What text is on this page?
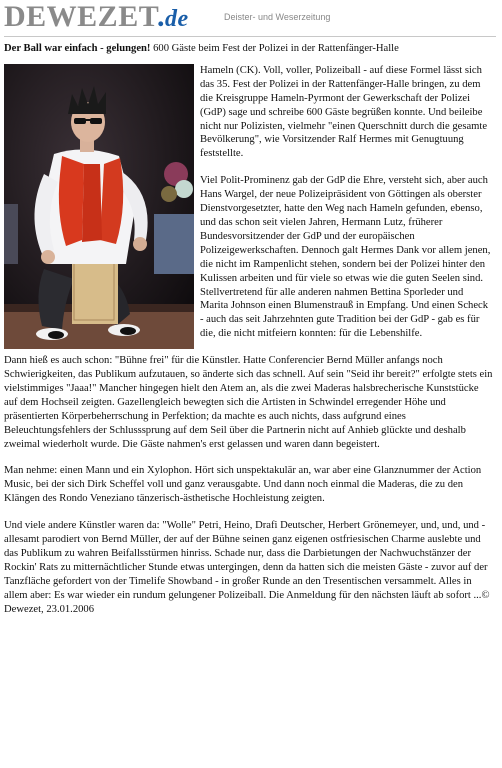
DEWEZET.de	Deister- und Weserzeitung
Der Ball war einfach - gelungen! 600 Gäste beim Fest der Polizei in der Rattenfänger-Halle

Hameln (CK). Voll, voller, Polizeiball - auf diese Formel lässt sich das 35. Fest der Polizei in der Rattenfänger-Halle bringen, zu dem die Kreisgruppe Hameln-Pyrmont der Gewerkschaft der Polizei (GdP) sage und schreibe 600 Gäste begrüßen konnte. Und beileibe nicht nur Polizisten, vielmehr "einen Querschnitt durch die gesamte Bevölkerung", wie Vorsitzender Ralf Hermes mit Genugtuung feststellte.

Viel Polit-Prominenz gab der GdP die Ehre, versteht sich, aber auch Hans Wargel, der neue Polizeipräsident von Göttingen als oberster Dienstvorgesetzter, hatte den Weg nach Hameln gefunden, ebenso, und das schon seit vielen Jahren, Hermann Lutz, früherer Bundesvorsitzender der GdP und der europäischen Polizeigewerkschaften. Dennoch galt Hermes Dank vor allem jenen, die nicht im Rampenlicht stehen, sondern bei der Polizei hinter den Kulissen arbeiten und für viele so etwas wie die guten Seelen sind. Stellvertretend für alle anderen nahmen Bettina Sporleder und Marita Johnson einen Blumenstrauß in Empfang. Und einen Scheck - auch das seit Jahrzehnten gute Tradition bei der GdP - gab es für die, die nicht mitfeiern konnten: für die Lebenshilfe.

Dann hieß es auch schon: "Bühne frei" für die Künstler. Hatte Conferencier Bernd Müller anfangs noch Schwierigkeiten, das Publikum aufzutauen, so änderte sich das schnell. Auf sein "Seid ihr bereit?" erfolgte stets ein vielstimmiges "Jaaa!" Mancher hingegen hielt den Atem an, als die zwei Maderas halsbrecherische Kunststücke auf dem Hochseil zeigten. Gazellengleich bewegten sich die Artisten in Schwindel erregender Höhe und präsentierten Körperbeherrschung in Perfektion; da machte es auch nichts, dass aufgrund eines Beleuchtungsfehlers der Schlusssprung auf dem Seil über die Partnerin nicht auf Anhieb glückte und deshalb zweimal wiederholt wurde. Die Gäste nahmen's erst gelassen und waren dann begeistert.

Man nehme: einen Mann und ein Xylophon. Hört sich unspektakulär an, war aber eine Glanznummer der Action Music, bei der sich Dirk Scheffel voll und ganz verausgabte. Und dann noch einmal die Maderas, die zu den Klängen des Rondo Veneziano tänzerisch-ästhetische Hochleistung zeigten.

Und viele andere Künstler waren da: "Wolle" Petri, Heino, Drafi Deutscher, Herbert Grönemeyer, und, und, und - allesamt parodiert von Bernd Müller, der auf der Bühne seinen ganz eigenen ostfriesischen Charme auslebte und das Publikum zu wahren Beifallsstürmen hinriss. Schade nur, dass die Darbietungen der Nachwuchstänzer der Rockin' Rats zu mitternächtlicher Stunde etwas untergingen, denn da hatten sich die meisten Gäste - zuvor auf der Tanzfläche gefordert von der Timelife Showband - in großer Runde an den Tresentischen versammelt. Alles in allem aber: Es war wieder ein rundum gelungener Polizeiball. Die Anmeldung für den nächsten läuft ab sofort ...© Dewezet, 23.01.2006
